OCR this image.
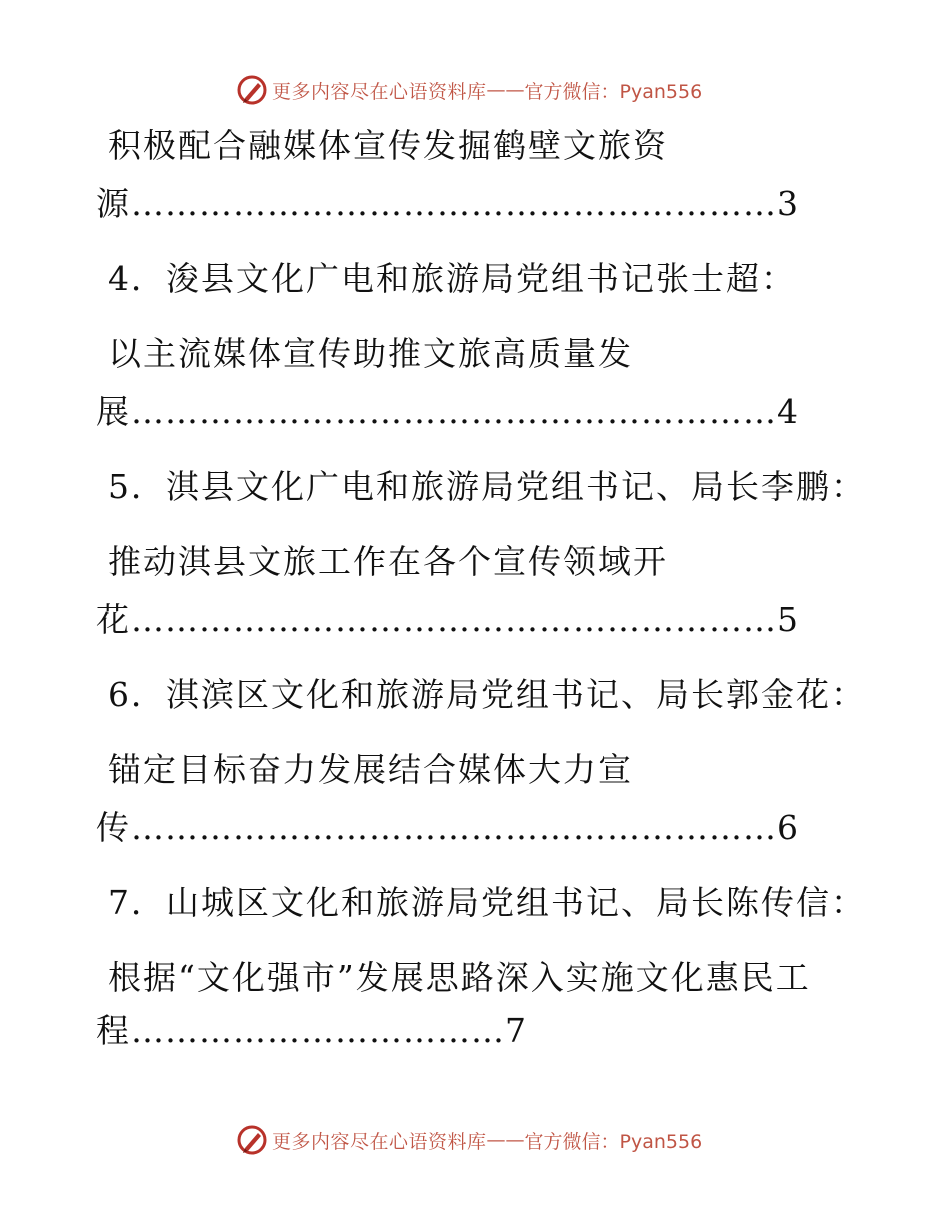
更多内容尽在心语资料库 —— 官方微信：Pyan556
积极配合融媒体宣传发掘鹤壁文旅资
源…………………………………………………3
4．浚县文化广电和旅游局党组书记张士超：
以主流媒体宣传助推文旅高质量发
展…………………………………………………4
5．淇县文化广电和旅游局党组书记、局长李鹏：
推动淇县文旅工作在各个宣传领域开
花…………………………………………………5
6．淇滨区文化和旅游局党组书记、局长郭金花：
锚定目标奋力发展结合媒体大力宣
传…………………………………………………6
7．山城区文化和旅游局党组书记、局长陈传信：
根据“文化强市”发展思路深入实施文化惠民工
程……………………………7
更多内容尽在心语资料库 —— 官方微信：Pyan556
